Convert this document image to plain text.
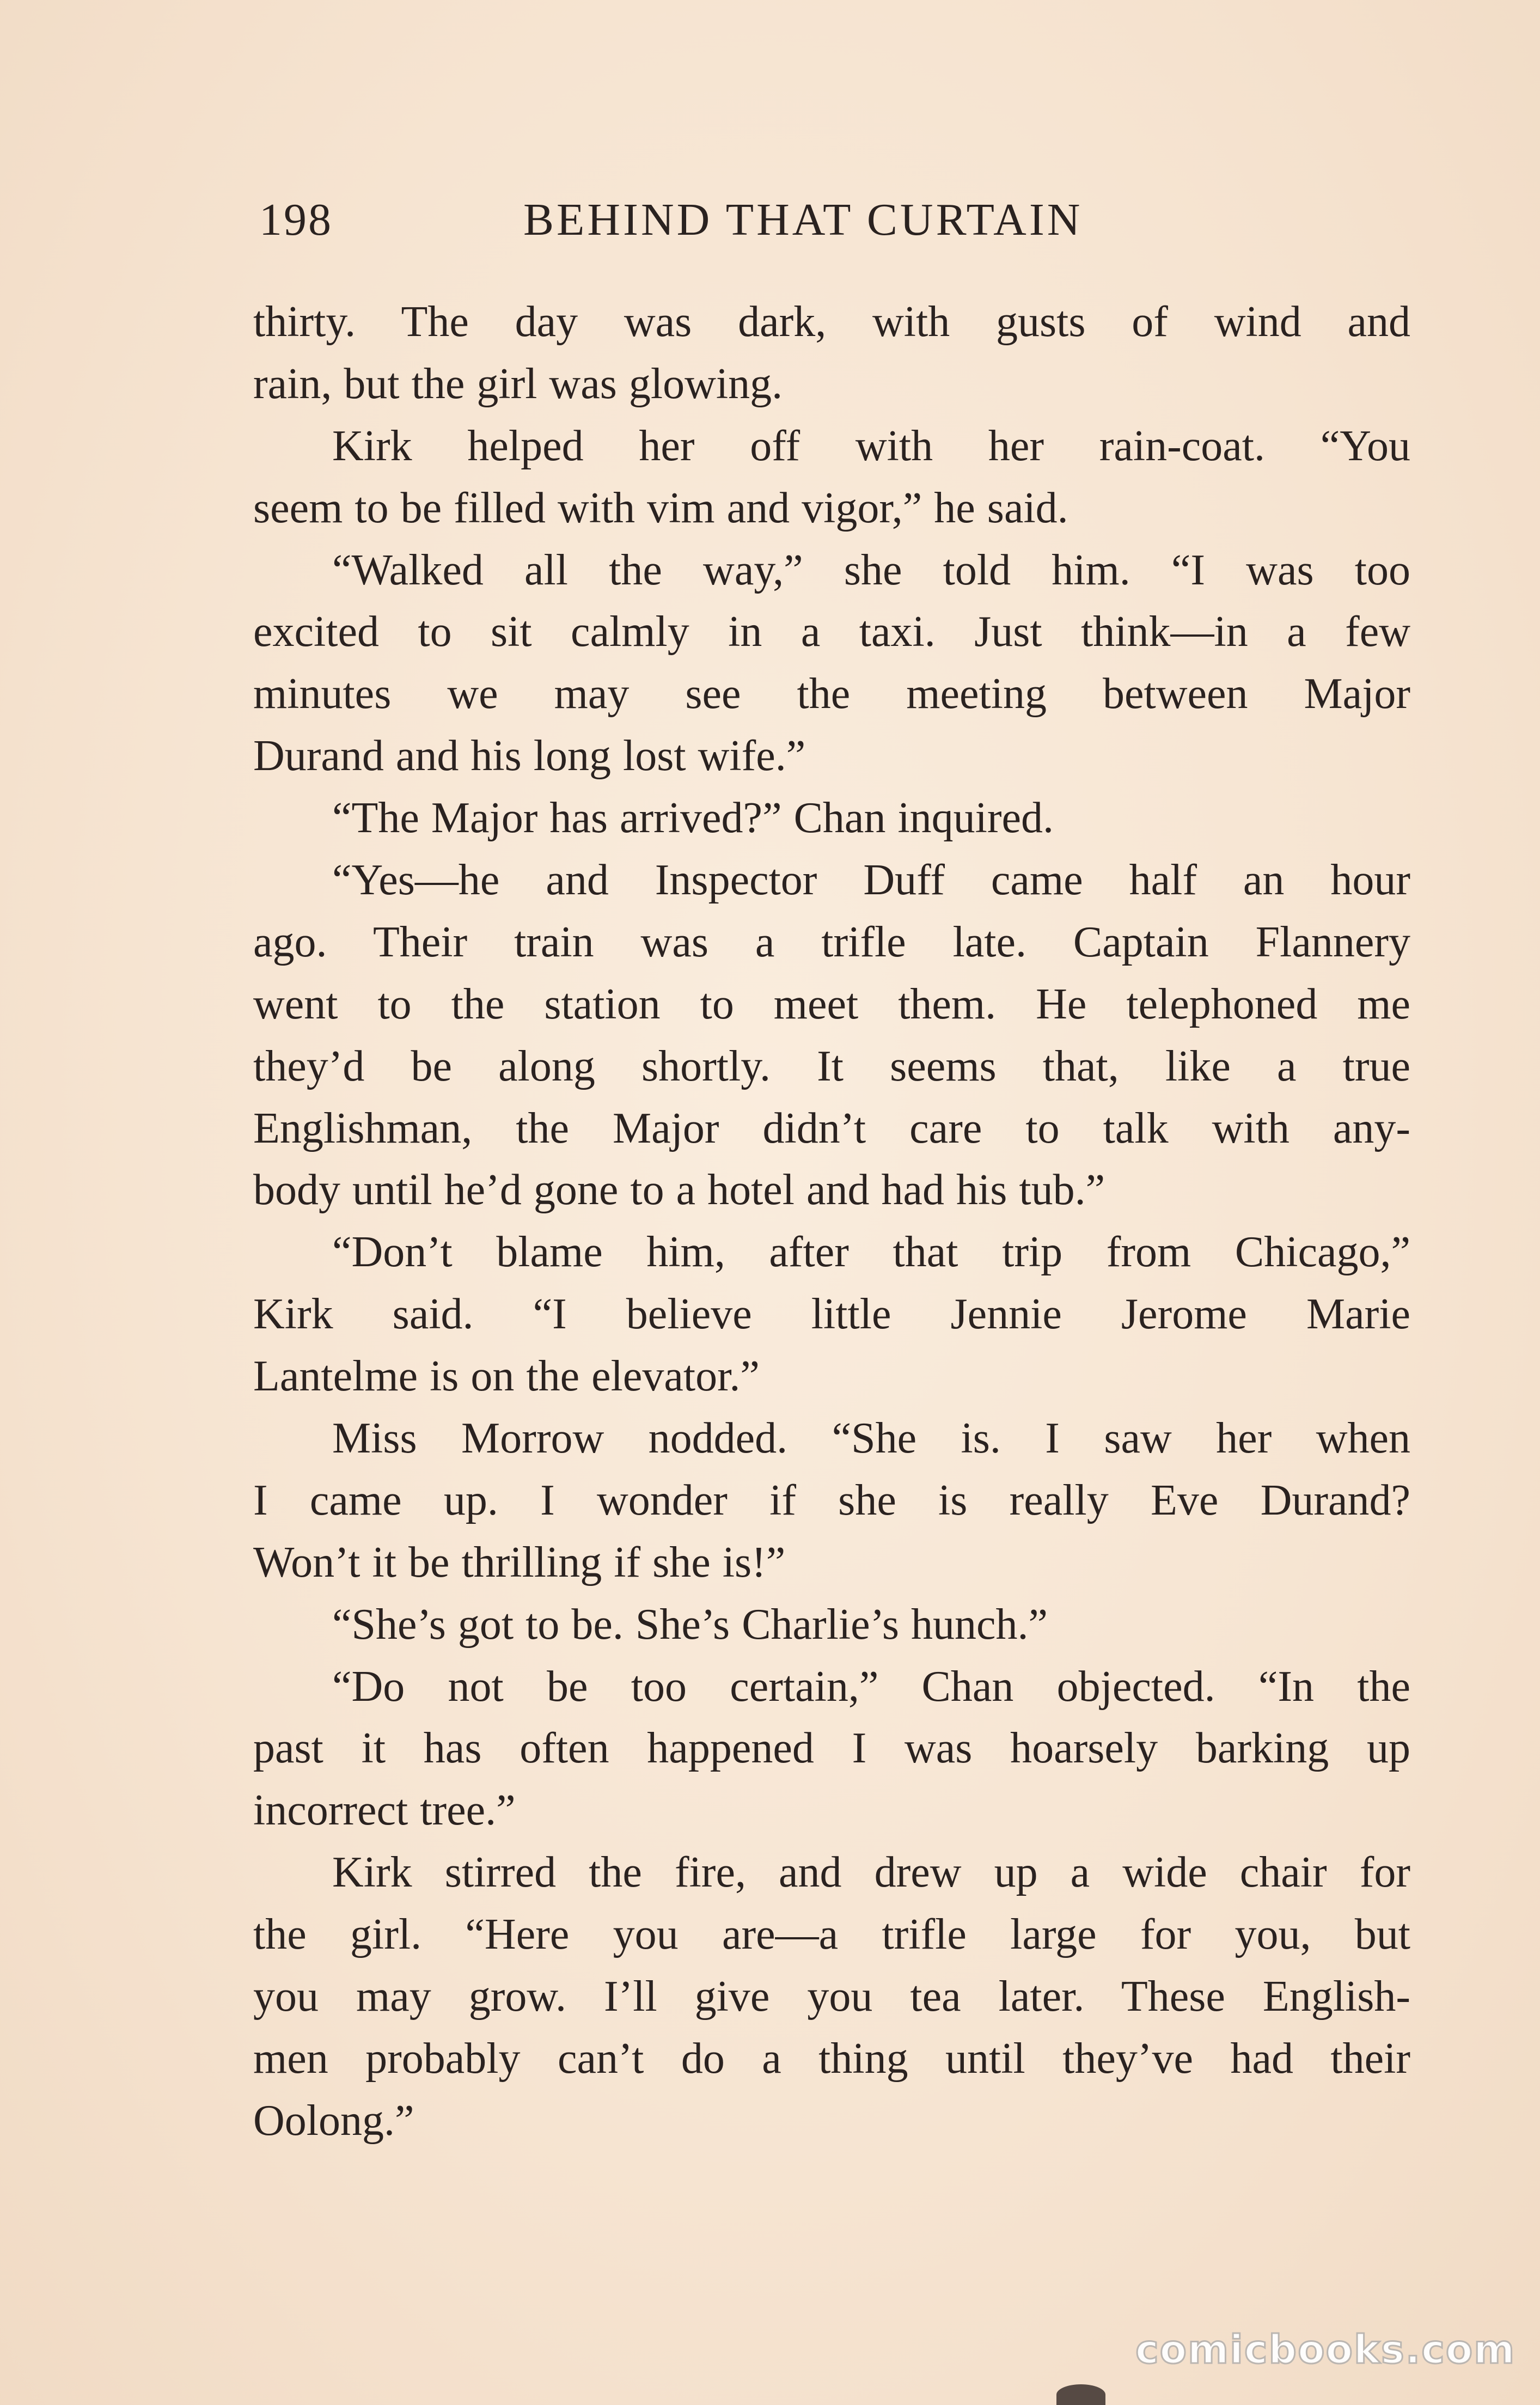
198	BEHIND THAT CURTAIN
thirty. The day was dark, with gusts of wind and
rain, but the girl was glowing.
Kirk helped her off with her rain-coat. “You
seem to be filled with vim and vigor,” he said.
“Walked all the way,” she told him. “I was too
excited to sit calmly in a taxi. Just think—in a few
minutes we may see the meeting between Major
Durand and his long lost wife.”
“The Major has arrived?” Chan inquired.
“Yes—he and Inspector Duff came half an hour
ago. Their train was a trifle late. Captain Flannery
went to the station to meet them. He telephoned me
they’d be along shortly. It seems that, like a true
Englishman, the Major didn’t care to talk with any-
body until he’d gone to a hotel and had his tub.”
“Don’t blame him, after that trip from Chicago,”
Kirk said. “I believe little Jennie Jerome Marie
Lantelme is on the elevator.”
Miss Morrow nodded. “She is. I saw her when
I came up. I wonder if she is really Eve Durand?
Won’t it be thrilling if she is!”
“She’s got to be. She’s Charlie’s hunch.”
“Do not be too certain,” Chan objected. “In the
past it has often happened I was hoarsely barking up
incorrect tree.”
Kirk stirred the fire, and drew up a wide chair for
the girl. “Here you are—a trifle large for you, but
you may grow. I’ll give you tea later. These English-
men probably can’t do a thing until they’ve had their
Oolong.”
comicbooks.com
